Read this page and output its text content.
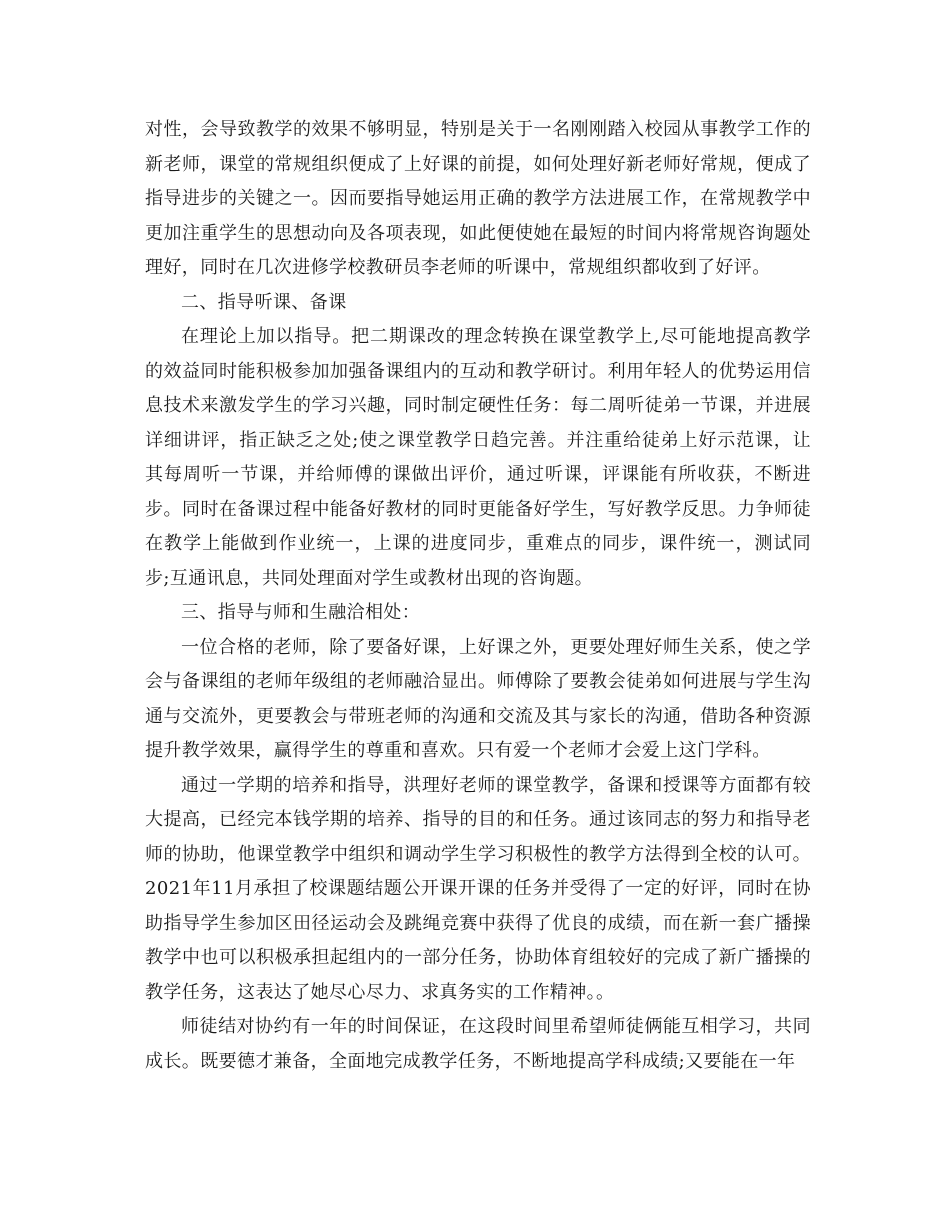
对性，会导致教学的效果不够明显，特别是关于一名刚刚踏入校园从事教学工作的新老师，课堂的常规组织便成了上好课的前提，如何处理好新老师好常规，便成了指导进步的关键之一。因而要指导她运用正确的教学方法进展工作，在常规教学中更加注重学生的思想动向及各项表现，如此便使她在最短的时间内将常规咨询题处理好，同时在几次进修学校教研员李老师的听课中，常规组织都收到了好评。

二、指导听课、备课

在理论上加以指导。把二期课改的理念转换在课堂教学上,尽可能地提高教学的效益同时能积极参加加强备课组内的互动和教学研讨。利用年轻人的优势运用信息技术来激发学生的学习兴趣，同时制定硬性任务：每二周听徒弟一节课，并进展详细讲评，指正缺乏之处;使之课堂教学日趋完善。并注重给徒弟上好示范课，让其每周听一节课，并给师傅的课做出评价，通过听课，评课能有所收获，不断进步。同时在备课过程中能备好教材的同时更能备好学生，写好教学反思。力争师徒在教学上能做到作业统一，上课的进度同步，重难点的同步，课件统一，测试同步;互通讯息，共同处理面对学生或教材出现的咨询题。

三、指导与师和生融洽相处：

一位合格的老师，除了要备好课，上好课之外，更要处理好师生关系，使之学会与备课组的老师年级组的老师融洽显出。师傅除了要教会徒弟如何进展与学生沟通与交流外，更要教会与带班老师的沟通和交流及其与家长的沟通，借助各种资源提升教学效果，赢得学生的尊重和喜欢。只有爱一个老师才会爱上这门学科。

通过一学期的培养和指导，洪理好老师的课堂教学，备课和授课等方面都有较大提高，已经完本钱学期的培养、指导的目的和任务。通过该同志的努力和指导老师的协助，他课堂教学中组织和调动学生学习积极性的教学方法得到全校的认可。2021年11月承担了校课题结题公开课开课的任务并受得了一定的好评，同时在协助指导学生参加区田径运动会及跳绳竞赛中获得了优良的成绩，而在新一套广播操教学中也可以积极承担起组内的一部分任务，协助体育组较好的完成了新广播操的教学任务，这表达了她尽心尽力、求真务实的工作精神。。

师徒结对协约有一年的时间保证，在这段时间里希望师徒俩能互相学习，共同成长。既要德才兼备，全面地完成教学任务，不断地提高学科成绩;又要能在一年
